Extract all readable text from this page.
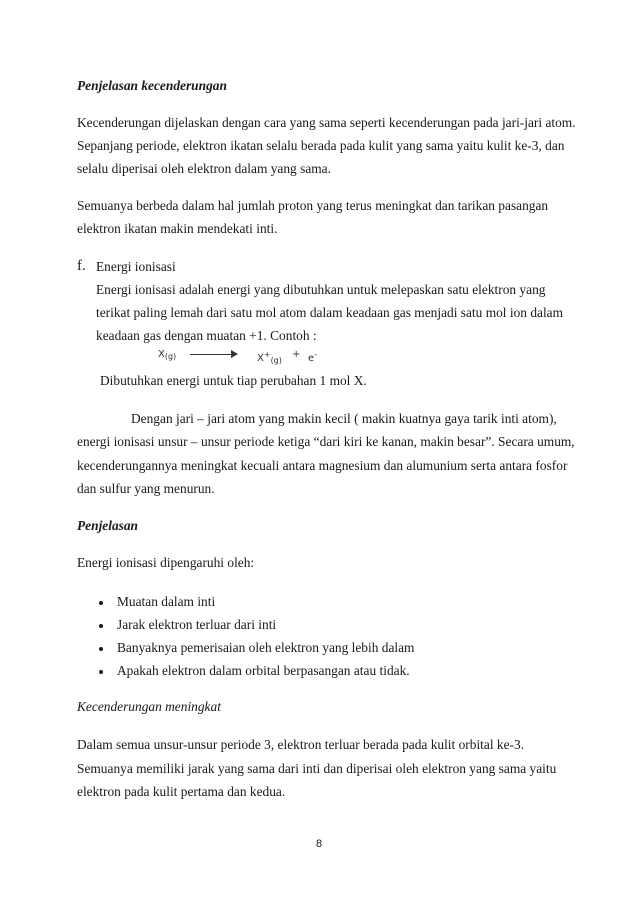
Penjelasan kecenderungan
Kecenderungan dijelaskan dengan cara yang sama seperti kecenderungan pada jari-jari atom.
Sepanjang periode, elektron ikatan selalu berada pada kulit yang sama yaitu kulit ke-3, dan
selalu diperisai oleh elektron dalam yang sama.
Semuanya berbeda dalam hal jumlah proton yang terus meningkat dan tarikan pasangan
elektron ikatan makin mendekati inti.
f. Energi ionisasi
Energi ionisasi adalah energi yang dibutuhkan untuk melepaskan satu elektron yang
terikat paling lemah dari satu mol atom dalam keadaan gas menjadi satu mol ion dalam
keadaan gas dengan muatan +1. Contoh :
$X_{(g)}$	$X^+_{(g)}$
+ e-
Dibutuhkan energi untuk tiap perubahan 1 mol X.
Dengan jari – jari atom yang makin kecil ( makin kuatnya gaya tarik inti atom),
energi ionisasi unsur – unsur periode ketiga “dari kiri ke kanan, makin besar”. Secara umum,
kecenderungannya meningkat kecuali antara magnesium dan alumunium serta antara fosfor
dan sulfur yang menurun.
Penjelasan
Energi ionisasi dipengaruhi oleh:
Muatan dalam inti
Jarak elektron terluar dari inti
Banyaknya pemerisaian oleh elektron yang lebih dalam
Apakah elektron dalam orbital berpasangan atau tidak.
Kecenderungan meningkat
Dalam semua unsur-unsur periode 3, elektron terluar berada pada kulit orbital ke-3.
Semuanya memiliki jarak yang sama dari inti dan diperisai oleh elektron yang sama yaitu
elektron pada kulit pertama dan kedua.
8
